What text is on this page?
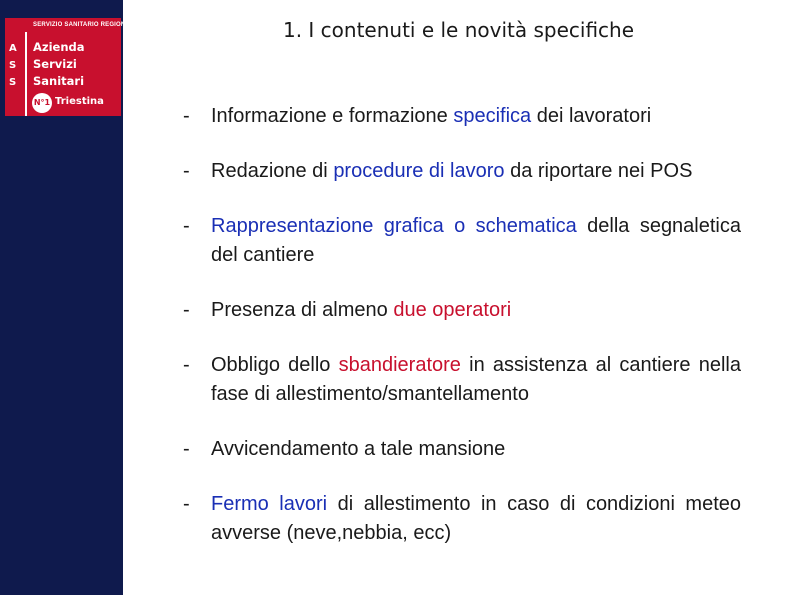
SERVIZIO SANITARIO REGIONALE
A
S
S
Azienda
Servizi
Sanitari
N°1 Triestina
1. I contenuti e le novità specifiche
- Informazione e formazione specifica dei lavoratori
- Redazione di procedure di lavoro da riportare nei POS
- Rappresentazione grafica o schematica della segnaletica del cantiere
- Presenza di almeno due operatori
- Obbligo dello sbandieratore in assistenza al cantiere nella fase di allestimento/smantellamento
- Avvicendamento a tale mansione
- Fermo lavori di allestimento in caso di condizioni meteo avverse (neve,nebbia, ecc)
